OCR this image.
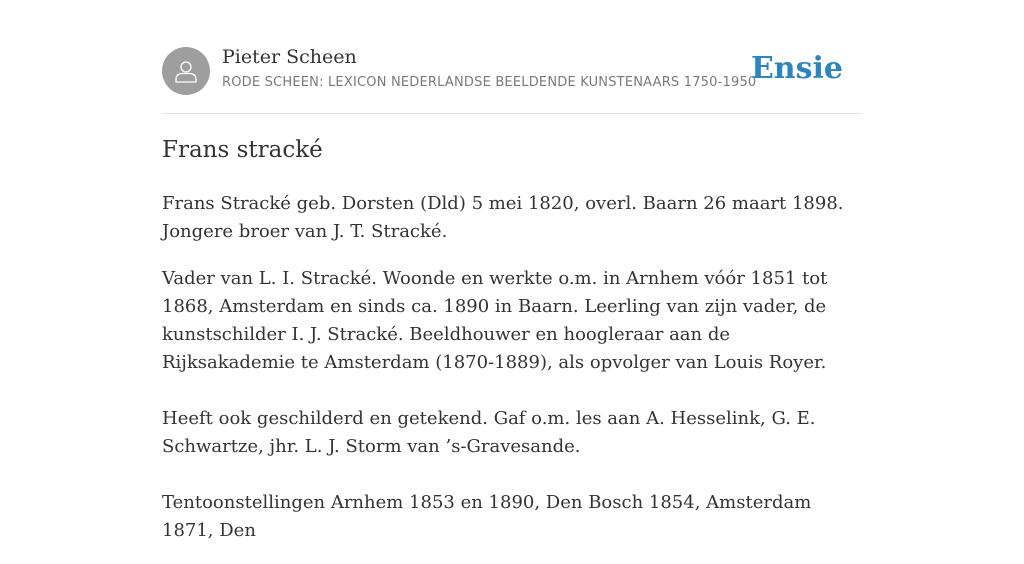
Pieter Scheen
RODE SCHEEN: LEXICON NEDERLANDSE BEELDENDE KUNSTENAARS 1750-1950
Ensie
Frans stracké

Frans Stracké geb. Dorsten (Dld) 5 mei 1820, overl. Baarn 26 maart 1898. Jongere broer van J. T. Stracké.

Vader van L. I. Stracké. Woonde en werkte o.m. in Arnhem vóór 1851 tot 1868, Amsterdam en sinds ca. 1890 in Baarn. Leerling van zijn vader, de kunstschilder I. J. Stracké. Beeldhouwer en hoogleraar aan de Rijksakademie te Amsterdam (1870-1889), als opvolger van Louis Royer.

Heeft ook geschilderd en getekend. Gaf o.m. les aan A. Hesselink, G. E. Schwartze, jhr. L. J. Storm van ’s-Gravesande.

Tentoonstellingen Arnhem 1853 en 1890, Den Bosch 1854, Amsterdam 1871, Den
